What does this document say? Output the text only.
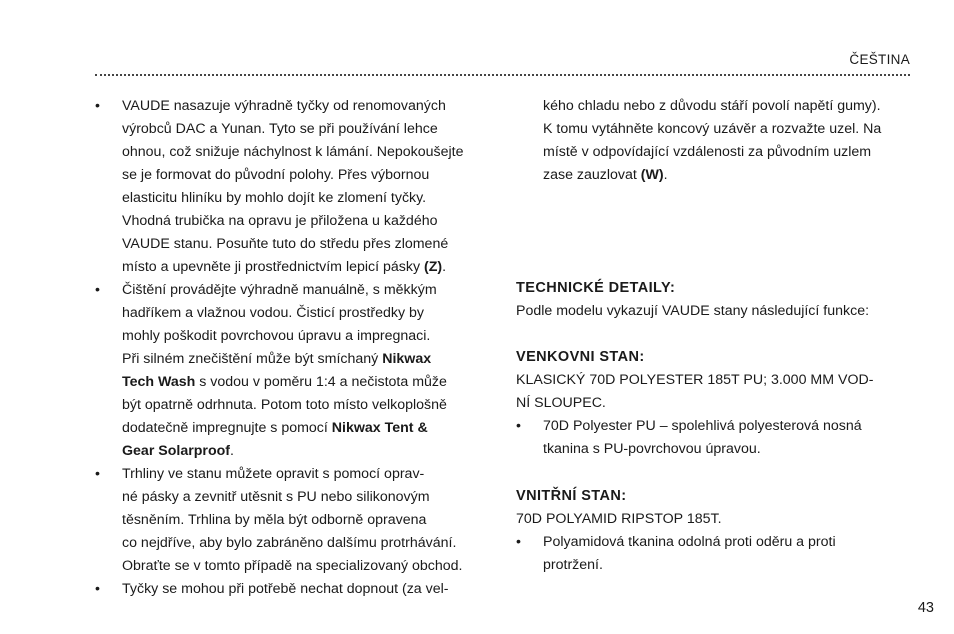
ČEŠTINA
• VAUDE nasazuje výhradně tyčky od renomovaných
výrobců DAC a Yunan. Tyto se při používání lehce
ohnou, což snižuje náchylnost k lámání. Nepokoušejte
se je formovat do původní polohy. Přes výbornou
elasticitu hliníku by mohlo dojít ke zlomení tyčky.
Vhodná trubička na opravu je přiložena u každého
VAUDE stanu. Posuňte tuto do středu přes zlomené
místo a upevněte ji prostřednictvím lepicí pásky (Z).
• Čištění provádějte výhradně manuálně, s měkkým
hadříkem a vlažnou vodou. Čisticí prostředky by
mohly poškodit povrchovou úpravu a impregnaci.
Při silném znečištění může být smíchaný Nikwax
Tech Wash s vodou v poměru 1:4 a nečistota může
být opatrně odrhnuta. Potom toto místo velkoplošně
dodatečně impregnujte s pomocí Nikwax Tent &
Gear Solarproof.
• Trhliny ve stanu můžete opravit s pomocí oprav-
né pásky a zevnitř utěsnit s PU nebo silikonovým
těsněním. Trhlina by měla být odborně opravena
co nejdříve, aby bylo zabráněno dalšímu protrhávání.
Obraťte se v tomto případě na specializovaný obchod.
• Tyčky se mohou při potřebě nechat dopnout (za vel-
kého chladu nebo z důvodu stáří povolí napětí gumy).
K tomu vytáhněte koncový uzávěr a rozvažte uzel. Na
místě v odpovídající vzdálenosti za původním uzlem
zase zauzlovat (W).
TECHNICKÉ DETAILY:
Podle modelu vykazují VAUDE stany následující funkce:
VENKOVNI STAN:
KLASICKÝ 70D POLYESTER 185T PU; 3.000 MM VOD-
NÍ SLOUPEC.
• 70D Polyester PU – spolehlivá polyesterová nosná
tkanina s PU-povrchovou úpravou.
VNITŘNÍ STAN:
70D POLYAMID RIPSTOP 185T.
• Polyamidová tkanina odolná proti oděru a proti
protržení.
43
